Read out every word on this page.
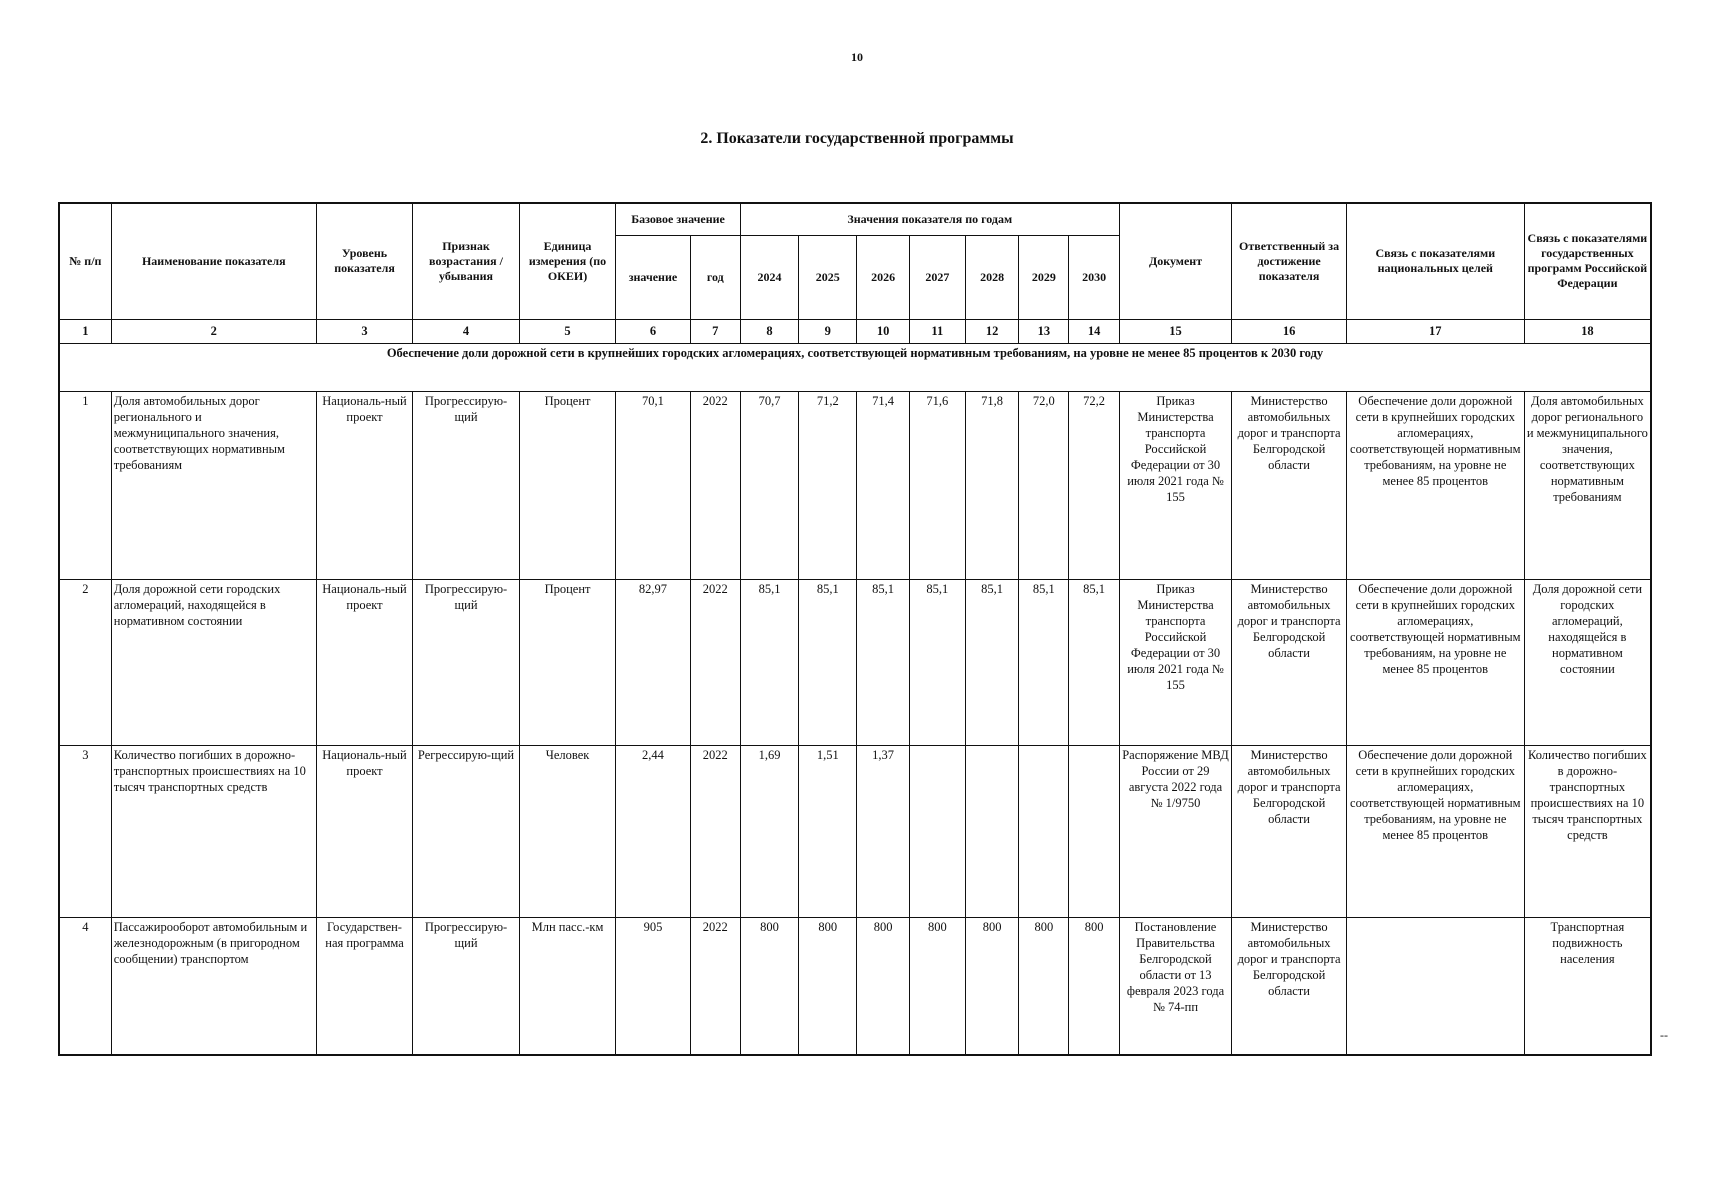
10
2. Показатели государственной программы
№ п/п	Наименование показателя	Уровень показателя	Признак возрастания / убывания	Единица измерения (по ОКЕИ)	Базовое значение		Значения показателя по годам							Документ	Ответственный за достижение показателя	Связь с показателями национальных целей	Связь с показателями государственных программ Российской Федерации
					значение	год	2024	2025	2026	2027	2028	2029	2030				
1	2	3	4	5	6	7	8	9	10	11	12	13	14	15	16	17	18
Обеспечение доли дорожной сети в крупнейших городских агломерациях, соответствующей нормативным требованиям, на уровне не менее 85 процентов к 2030 году																	
1	Доля автомобильных дорог регионального и межмуниципального значения, соответствующих нормативным требованиям	Националь-ный проект	Прогрессирую-щий	Процент	70,1	2022	70,7	71,2	71,4	71,6	71,8	72,0	72,2	Приказ Министерства транспорта Российской Федерации от 30 июля 2021 года № 155	Министерство автомобильных дорог и транспорта Белгородской области	Обеспечение доли дорожной сети в крупнейших городских агломерациях, соответствующей нормативным требованиям, на уровне не менее 85 процентов	Доля автомобильных дорог регионального и межмуниципального значения, соответствующих нормативным требованиям
2	Доля дорожной сети городских агломераций, находящейся в нормативном состоянии	Националь-ный проект	Прогрессирую-щий	Процент	82,97	2022	85,1	85,1	85,1	85,1	85,1	85,1	85,1	Приказ Министерства транспорта Российской Федерации от 30 июля 2021 года № 155	Министерство автомобильных дорог и транспорта Белгородской области	Обеспечение доли дорожной сети в крупнейших городских агломерациях, соответствующей нормативным требованиям, на уровне не менее 85 процентов	Доля дорожной сети городских агломераций, находящейся в нормативном состоянии
3	Количество погибших в дорожно-транспортных происшествиях на 10 тысяч транспортных средств	Националь-ный проект	Регрессирую-щий	Человек	2,44	2022	1,69	1,51	1,37					Распоряжение МВД России от 29 августа 2022 года № 1/9750	Министерство автомобильных дорог и транспорта Белгородской области	Обеспечение доли дорожной сети в крупнейших городских агломерациях, соответствующей нормативным требованиям, на уровне не менее 85 процентов	Количество погибших в дорожно-транспортных происшествиях на 10 тысяч транспортных средств
4	Пассажирооборот автомобильным и железнодорожным (в пригородном сообщении) транспортом	Государствен-ная программа	Прогрессирую-щий	Млн пасс.-км	905	2022	800	800	800	800	800	800	800	Постановление Правительства Белгородской области от 13 февраля 2023 года № 74-пп	Министерство автомобильных дорог и транспорта Белгородской области		Транспортная подвижность населения
--
